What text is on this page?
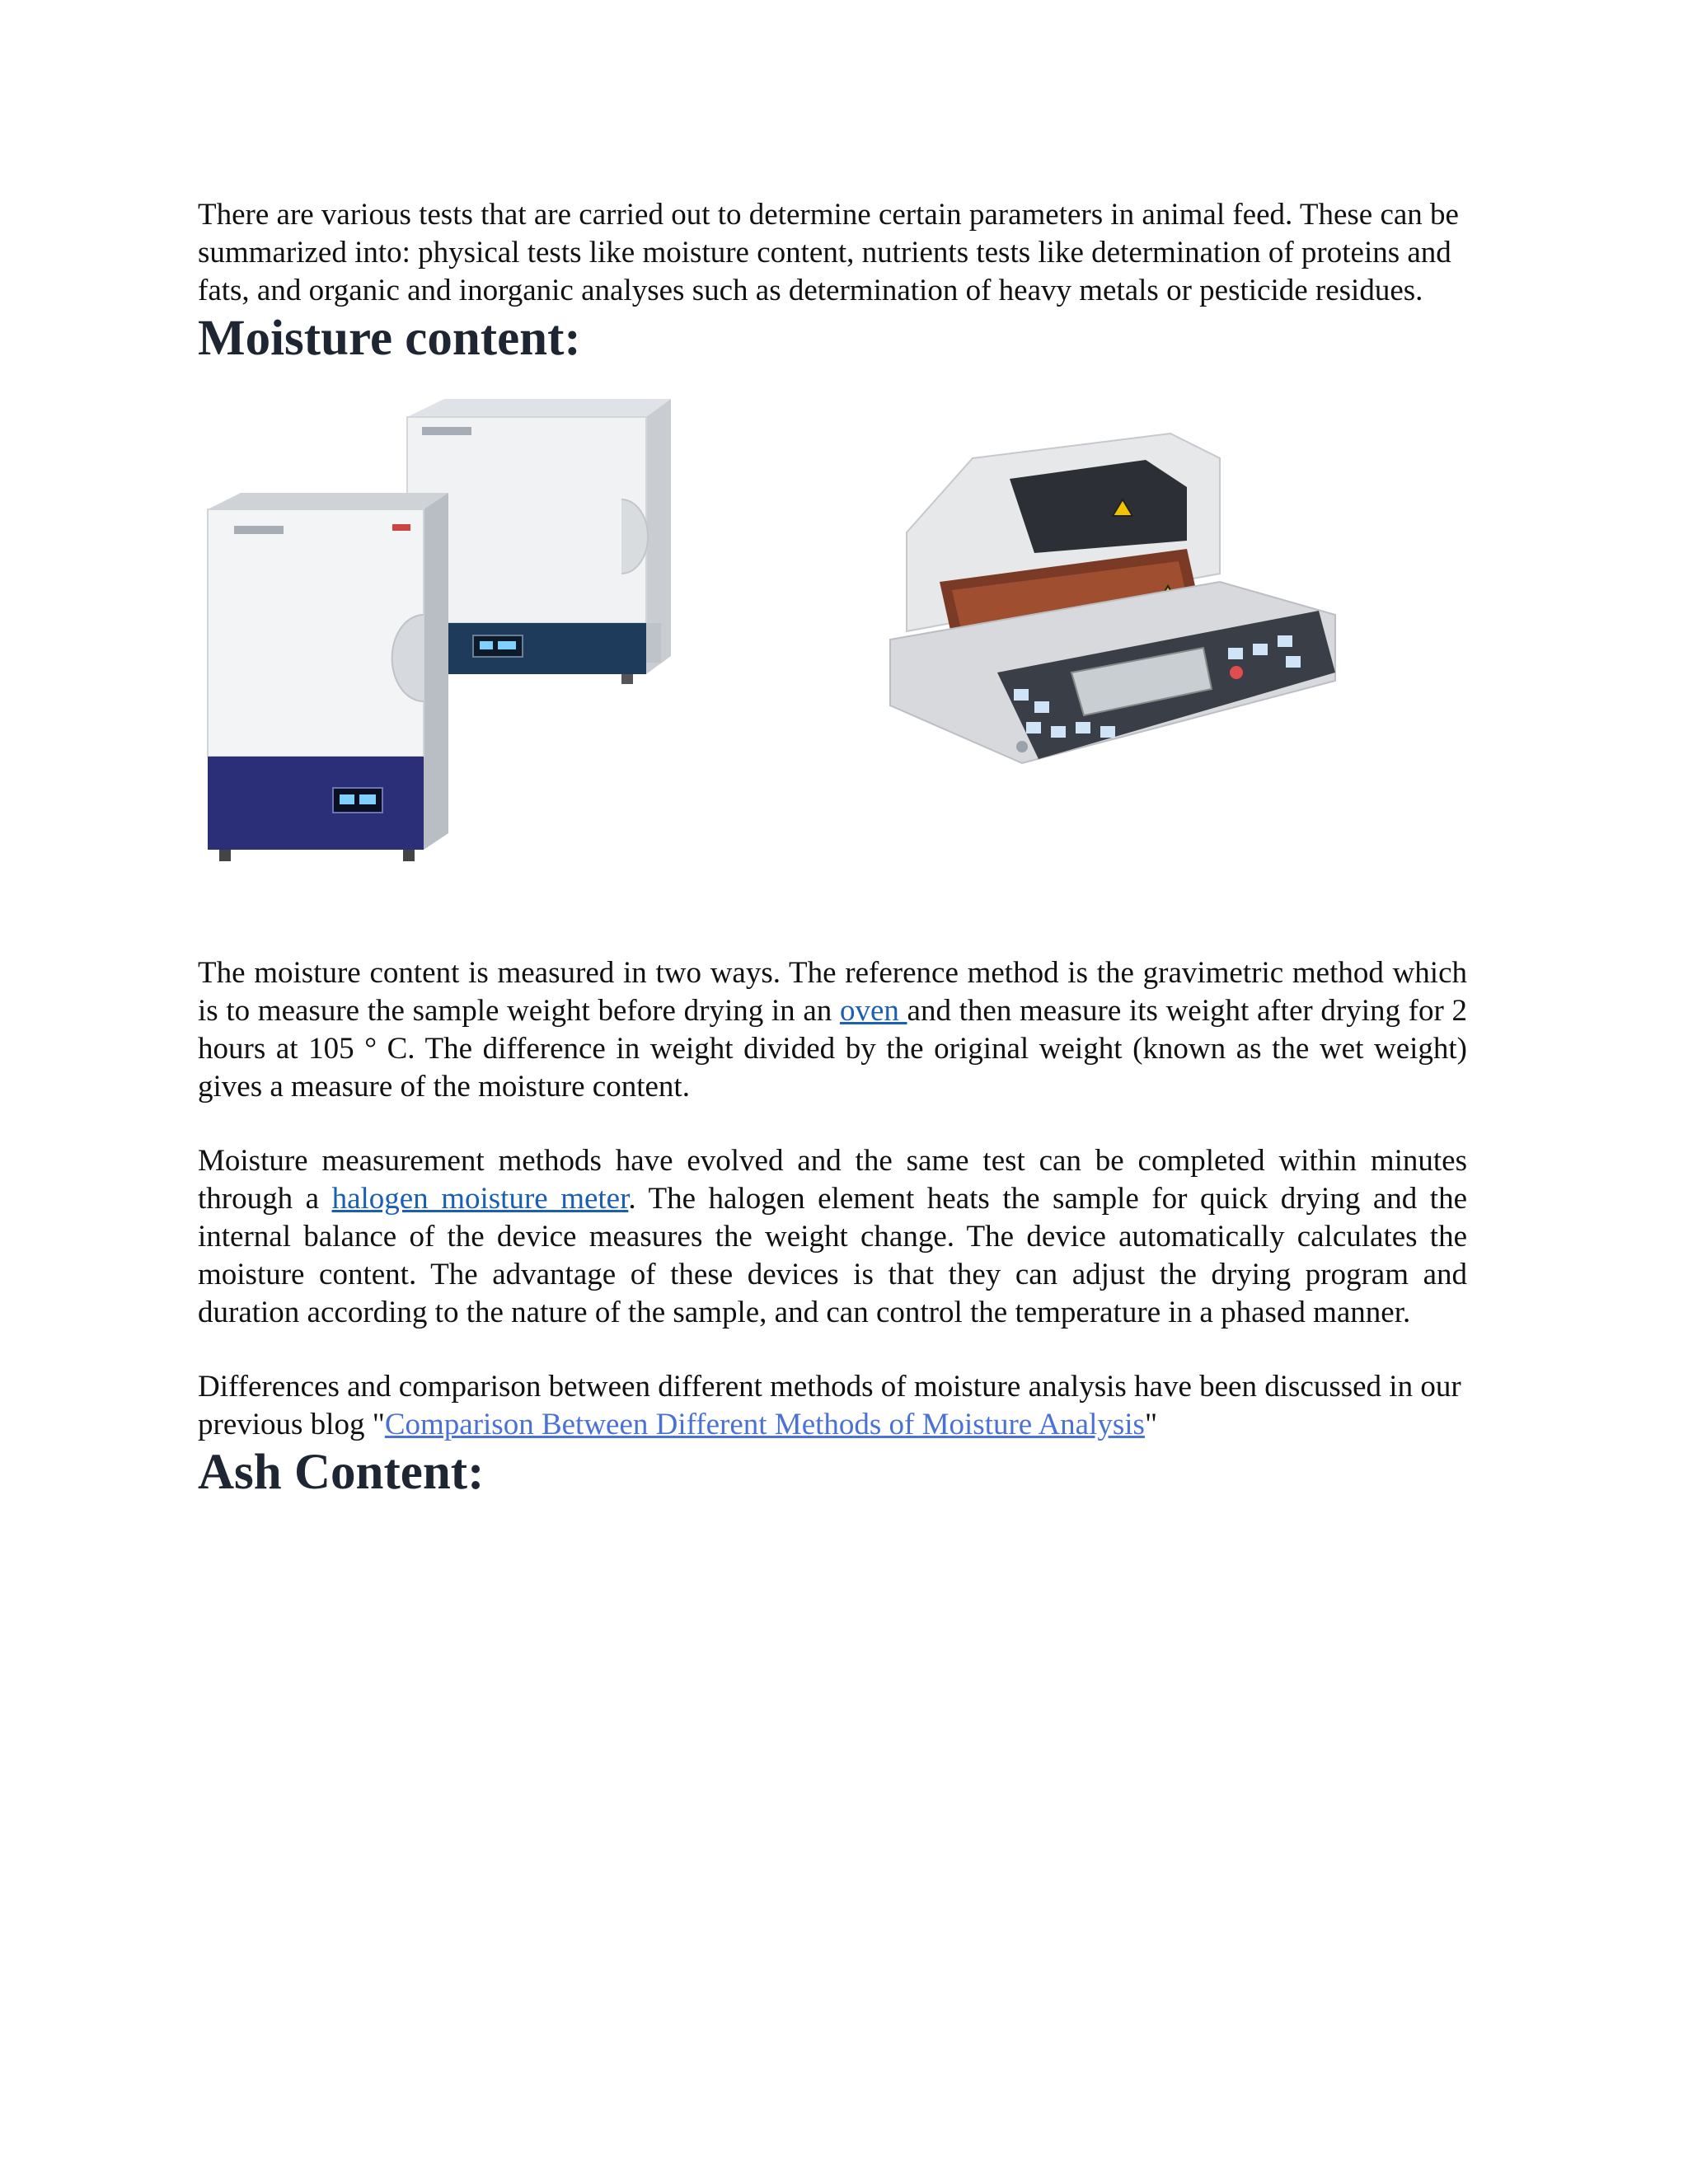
There are various tests that are carried out to determine certain parameters in animal feed. These can be summarized into: physical tests like moisture content, nutrients tests like determination of proteins and fats, and organic and inorganic analyses such as determination of heavy metals or pesticide residues.

Moisture content:

The moisture content is measured in two ways. The reference method is the gravimetric method which is to measure the sample weight before drying in an oven and then measure its weight after drying for 2 hours at 105 ° C. The difference in weight divided by the original weight (known as the wet weight) gives a measure of the moisture content.

Moisture measurement methods have evolved and the same test can be completed within minutes through a halogen moisture meter. The halogen element heats the sample for quick drying and the internal balance of the device measures the weight change. The device automatically calculates the moisture content. The advantage of these devices is that they can adjust the drying program and duration according to the nature of the sample, and can control the temperature in a phased manner.

Differences and comparison between different methods of moisture analysis have been discussed in our previous blog "Comparison Between Different Methods of Moisture Analysis"

Ash Content:
